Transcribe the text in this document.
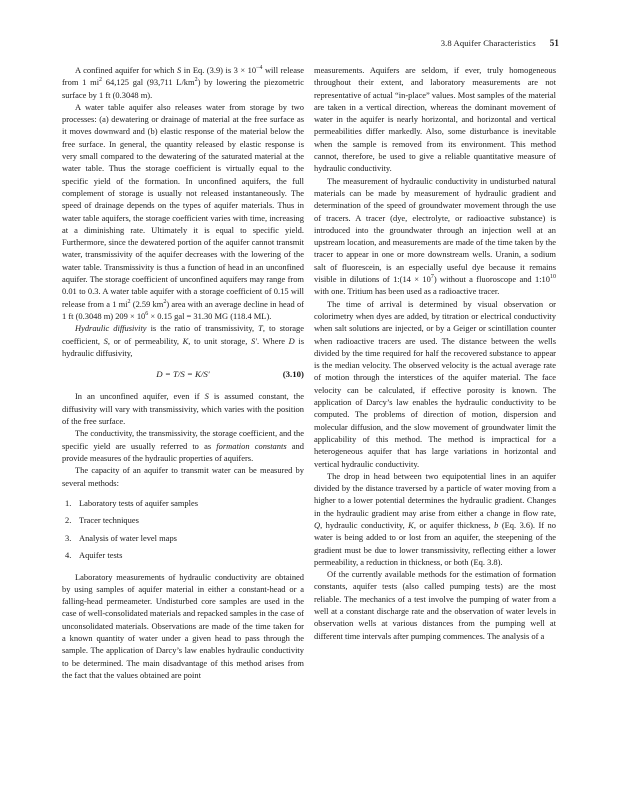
3.8 Aquifer Characteristics 51

A confined aquifer for which S in Eq. (3.9) is $3 \times 10^{-4}$ will release from 1 $mi^2$ 64,125 gal (93,711 $L/km^2$) by lowering the piezometric surface by 1 ft (0.3048 m).

A water table aquifer also releases water from storage by two processes: (a) dewatering or drainage of material at the free surface as it moves downward and (b) elastic response of the material below the free surface. In general, the quantity released by elastic response is very small compared to the dewatering of the saturated material at the water table. Thus the storage coefficient is virtually equal to the specific yield of the formation. In unconfined aquifers, the full complement of storage is usually not released instantaneously. The speed of drainage depends on the types of aquifer materials. Thus in water table aquifers, the storage coefficient varies with time, increasing at a diminishing rate. Ultimately it is equal to specific yield. Furthermore, since the dewatered portion of the aquifer cannot transmit water, transmissivity of the aquifer decreases with the lowering of the water table. Transmissivity is thus a function of head in an unconfined aquifer. The storage coefficient of unconfined aquifers may range from 0.01 to 0.3. A water table aquifer with a storage coefficient of 0.15 will release from a 1 $mi^2$ (2.59 $km^2$) area with an average decline in head of 1 ft (0.3048 m) $209 \times 10^6 \times 0.15$ gal = 31.30 MG (118.4 ML).

Hydraulic diffusivity is the ratio of transmissivity, T, to storage coefficient, S, or of permeability, K, to unit storage, S′. Where D is hydraulic diffusivity,

D = T/S = K/S′	(3.10)

In an unconfined aquifer, even if S is assumed constant, the diffusivity will vary with transmissivity, which varies with the position of the free surface.

The conductivity, the transmissivity, the storage coefficient, and the specific yield are usually referred to as formation constants and provide measures of the hydraulic properties of aquifers.

The capacity of an aquifer to transmit water can be measured by several methods:

1. Laboratory tests of aquifer samples
2. Tracer techniques
3. Analysis of water level maps
4. Aquifer tests

Laboratory measurements of hydraulic conductivity are obtained by using samples of aquifer material in either a constant-head or a falling-head permeameter. Undisturbed core samples are used in the case of well-consolidated materials and repacked samples in the case of unconsolidated materials. Observations are made of the time taken for a known quantity of water under a given head to pass through the sample. The application of Darcy’s law enables hydraulic conductivity to be determined. The main disadvantage of this method arises from the fact that the values obtained are point

measurements. Aquifers are seldom, if ever, truly homogeneous throughout their extent, and laboratory measurements are not representative of actual “in-place” values. Most samples of the material are taken in a vertical direction, whereas the dominant movement of water in the aquifer is nearly horizontal, and horizontal and vertical permeabilities differ markedly. Also, some disturbance is inevitable when the sample is removed from its environment. This method cannot, therefore, be used to give a reliable quantitative measure of hydraulic conductivity.

The measurement of hydraulic conductivity in undisturbed natural materials can be made by measurement of hydraulic gradient and determination of the speed of groundwater movement through the use of tracers. A tracer (dye, electrolyte, or radioactive substance) is introduced into the groundwater through an injection well at an upstream location, and measurements are made of the time taken by the tracer to appear in one or more downstream wells. Uranin, a sodium salt of fluorescein, is an especially useful dye because it remains visible in dilutions of 1:(14 × $10^7$) without a fluoroscope and $1:10^{10}$ with one. Tritium has been used as a radioactive tracer.

The time of arrival is determined by visual observation or colorimetry when dyes are added, by titration or electrical conductivity when salt solutions are injected, or by a Geiger or scintillation counter when radioactive tracers are used. The distance between the wells divided by the time required for half the recovered substance to appear is the median velocity. The observed velocity is the actual average rate of motion through the interstices of the aquifer material. The face velocity can be calculated, if effective porosity is known. The application of Darcy’s law enables the hydraulic conductivity to be computed. The problems of direction of motion, dispersion and molecular diffusion, and the slow movement of groundwater limit the applicability of this method. The method is impractical for a heterogeneous aquifer that has large variations in horizontal and vertical hydraulic conductivity.

The drop in head between two equipotential lines in an aquifer divided by the distance traversed by a particle of water moving from a higher to a lower potential determines the hydraulic gradient. Changes in the hydraulic gradient may arise from either a change in flow rate, Q, hydraulic conductivity, K, or aquifer thickness, b (Eq. 3.6). If no water is being added to or lost from an aquifer, the steepening of the gradient must be due to lower transmissivity, reflecting either a lower permeability, a reduction in thickness, or both (Eq. 3.8).

Of the currently available methods for the estimation of formation constants, aquifer tests (also called pumping tests) are the most reliable. The mechanics of a test involve the pumping of water from a well at a constant discharge rate and the observation of water levels in observation wells at various distances from the pumping well at different time intervals after pumping commences. The analysis of a
